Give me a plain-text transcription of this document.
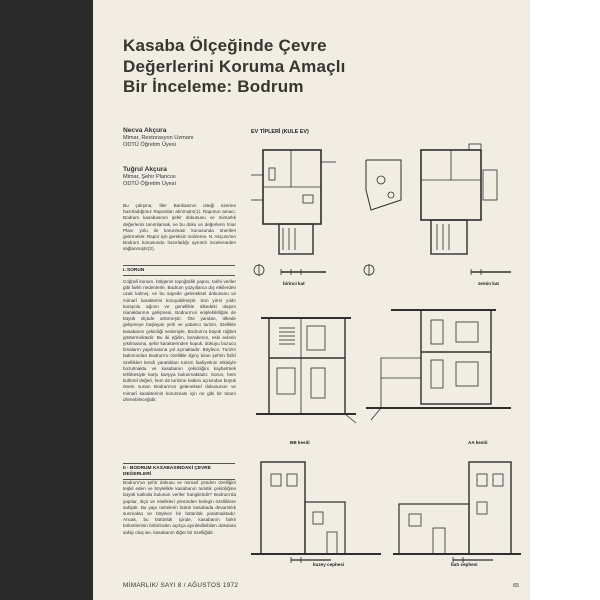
Kasaba Ölçeğinde Çevre
Değerlerini Koruma Amaçlı
Bir İnceleme: Bodrum
Necva Akçura
Mimar, Restorasyon Uzmanı
ODTÜ Öğretim Üyesi
Tuğrul Akçura
Mimar, Şehir Plancısı
ODTÜ Öğretim Üyesi
Bu çalışma, İller Bankasının isteği üzerine hazırladığımız Rapordan alınmıştır(1). Raporun amacı; Bodrum kasabasının şehir dokusunu ve mimarlık değerlerini tanımlamak, ve bu doku ve değerlerin İmar Planı yolu ile korunması konusunda önerileri getirmektir. Rapor için gereksiz malzeme, N. Akçura'nın Bodrum konusunda hazırladığı ayrıntılı incelemeden sağlanmıştır(2).
I. SORUN
Coğrafi konum, bölgenin topoğrafik yapısı, tarihi veriler gibi farklı nedenlerle, Bodrum yüzyıllarca dış etkilerden uzak kalmış, ve bu sayede geleneksel dokusunu ve mimarî karakterini koruyabilmiştir. Son yirmi yıldır karayolu ağının ve genellikle ülkedeki ulaşım olanaklarının gelişmesi, Bodrum'un erişilebilirliğini de büyük ölçüde arttırmıştır. Öte yandan, ülkede gelişmeye başlayan yerli ve yabancı turizm, özellikle kasabanın çekiciliği nedeniyle, Bodrum'a büyük rağbet göstermektedir. Bu iki eğilim, beraberce, eski evlerin yıkılmasına, şehir karakterinden kopuk, dokuyu bozucu binaların yapılmasına yol açmaktadır. Böylece, Turizm bakımından Bodrum'u özellikle ilginç kılan şehrin fizikî özellikleri kendi yarattıkları turizm faaliyetinin etkisiyle bozulmakta ve kasabanın çekiciliğini kaybetmek tehlikesiyle karşı karşıya bulunmaktadır. Sorun, hem kültürel değeri, hem de turizme katkısı açısından büyük önem sunan Bodrum'un geleneksel dokusunun ve mimarî karakterinin korunması için ne gibi bir tutum izlenebileceğidir.
II - BODRUM KASABASINDAKİ ÇEVRE DEĞERLERİ
Bodrum'un şehir dokusu ve mimarî yönden özelliğini teşkil eden ve böylelikle kasabanın turistik çekiciliğine büyük katkıda bulunan veriler hangileridir? Bodrum'da yapılar, ölçü ve nitelikleri yönünden belirgin özelliklere sahiptir. Bu yapı ünitelerin bütün kasabada devamlılık sunmakta ve böylece bir bütünlük yaratmaktadır. Ancak, bu bütünlük içinde, kasabanın farklı bölümlerinin birbirinden açıkça ayırdedilebilen dokulara sahip oluş ise, kasabanın diğer bir özelliğidir.
EV TİPLERİ (KULE EV)
birinci kat	zemin kat
BB kesiti	AA kesiti
kuzey cephesi	batı cephesi
MİMARLIK/ SAYI 8 / AĞUSTOS 1972	65
